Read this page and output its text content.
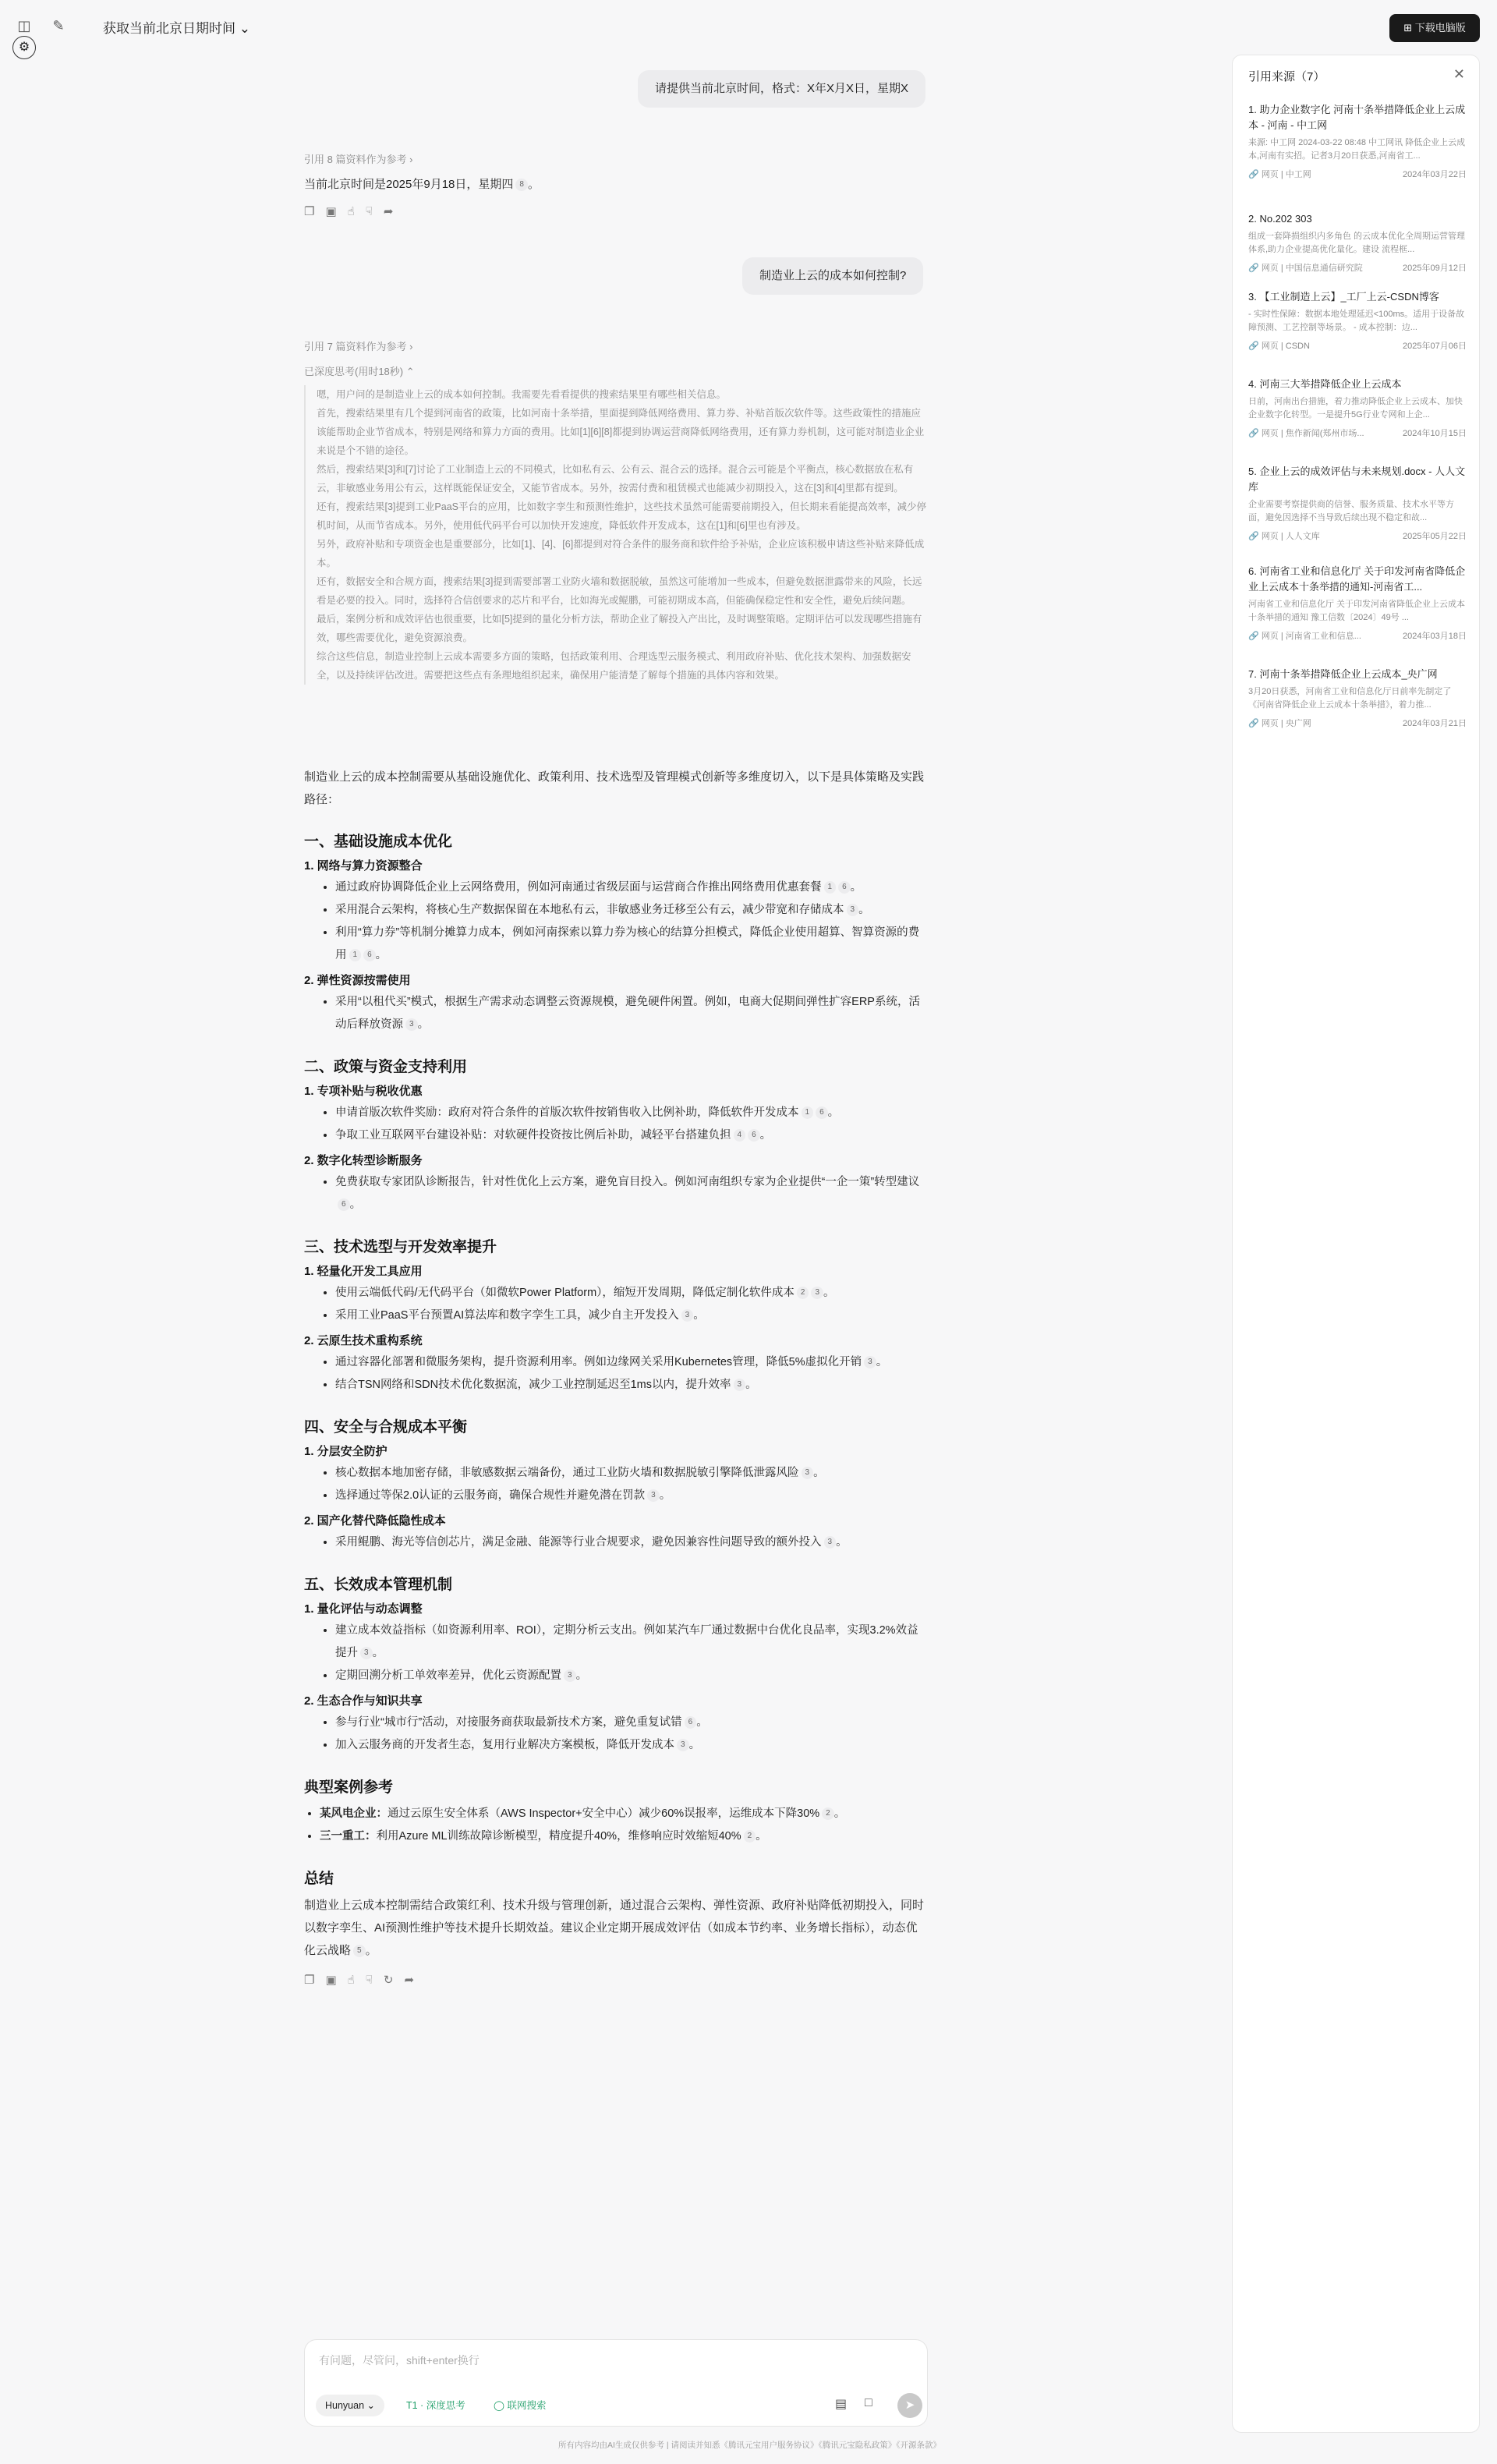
◫ ✎	获取当前北京日期时间 ⌄
⚙
⊞ 下载电脑版
请提供当前北京时间，格式：X年X月X日，星期X
引用 8 篇资料作为参考 ›

当前北京时间是2025年9月18日，星期四 8 。

❐▣☝☟➦
制造业上云的成本如何控制?
引用 7 篇资料作为参考 ›
已深度思考(用时18秒) ⌃

嗯，用户问的是制造业上云的成本如何控制。我需要先看看提供的搜索结果里有哪些相关信息。

首先，搜索结果里有几个提到河南省的政策，比如河南十条举措，里面提到降低网络费用、算力券、补贴首版次软件等。这些政策性的措施应该能帮助企业节省成本，特别是网络和算力方面的费用。比如[1][6][8]都提到协调运营商降低网络费用，还有算力券机制，这可能对制造业企业来说是个不错的途径。

然后，搜索结果[3]和[7]讨论了工业制造上云的不同模式，比如私有云、公有云、混合云的选择。混合云可能是个平衡点，核心数据放在私有云，非敏感业务用公有云，这样既能保证安全，又能节省成本。另外，按需付费和租赁模式也能减少初期投入，这在[3]和[4]里都有提到。

还有，搜索结果[3]提到工业PaaS平台的应用，比如数字孪生和预测性维护，这些技术虽然可能需要前期投入，但长期来看能提高效率，减少停机时间，从而节省成本。另外，使用低代码平台可以加快开发速度，降低软件开发成本，这在[1]和[6]里也有涉及。

另外，政府补贴和专项资金也是重要部分，比如[1]、[4]、[6]都提到对符合条件的服务商和软件给予补贴，企业应该积极申请这些补贴来降低成本。

还有，数据安全和合规方面，搜索结果[3]提到需要部署工业防火墙和数据脱敏，虽然这可能增加一些成本，但避免数据泄露带来的风险，长远看是必要的投入。同时，选择符合信创要求的芯片和平台，比如海光或鲲鹏，可能初期成本高，但能确保稳定性和安全性，避免后续问题。

最后，案例分析和成效评估也很重要，比如[5]提到的量化分析方法，帮助企业了解投入产出比，及时调整策略。定期评估可以发现哪些措施有效，哪些需要优化，避免资源浪费。

综合这些信息，制造业控制上云成本需要多方面的策略，包括政策利用、合理选型云服务模式、利用政府补贴、优化技术架构、加强数据安全，以及持续评估改进。需要把这些点有条理地组织起来，确保用户能清楚了解每个措施的具体内容和效果。

制造业上云的成本控制需要从基础设施优化、政策利用、技术选型及管理模式创新等多维度切入，以下是具体策略及实践路径：

一、基础设施成本优化
1. 网络与算力资源整合
• 通过政府协调降低企业上云网络费用，例如河南通过省级层面与运营商合作推出网络费用优惠套餐 1 6 。
• 采用混合云架构，将核心生产数据保留在本地私有云，非敏感业务迁移至公有云，减少带宽和存储成本 3 。
• 利用“算力券”等机制分摊算力成本，例如河南探索以算力券为核心的结算分担模式，降低企业使用超算、智算资源的费用 1 6 。
2. 弹性资源按需使用
• 采用“以租代买”模式，根据生产需求动态调整云资源规模，避免硬件闲置。例如，电商大促期间弹性扩容ERP系统，活动后释放资源 3 。
二、政策与资金支持利用
1. 专项补贴与税收优惠
• 申请首版次软件奖励：政府对符合条件的首版次软件按销售收入比例补助，降低软件开发成本 1 6 。
• 争取工业互联网平台建设补贴：对软硬件投资按比例后补助，减轻平台搭建负担 4 6 。
2. 数字化转型诊断服务
• 免费获取专家团队诊断报告，针对性优化上云方案，避免盲目投入。例如河南组织专家为企业提供“一企一策”转型建议6 。
三、技术选型与开发效率提升
1. 轻量化开发工具应用
• 使用云端低代码/无代码平台（如微软Power Platform），缩短开发周期，降低定制化软件成本 2 3 。
• 采用工业PaaS平台预置AI算法库和数字孪生工具，减少自主开发投入 3 。
2. 云原生技术重构系统
• 通过容器化部署和微服务架构，提升资源利用率。例如边缘网关采用Kubernetes管理，降低5%虚拟化开销 3 。
• 结合TSN网络和SDN技术优化数据流，减少工业控制延迟至1ms以内，提升效率 3 。
四、安全与合规成本平衡
1. 分层安全防护
• 核心数据本地加密存储，非敏感数据云端备份，通过工业防火墙和数据脱敏引擎降低泄露风险 3 。
• 选择通过等保2.0认证的云服务商，确保合规性并避免潜在罚款 3 。
2. 国产化替代降低隐性成本
• 采用鲲鹏、海光等信创芯片，满足金融、能源等行业合规要求，避免因兼容性问题导致的额外投入 3 。
五、长效成本管理机制
1. 量化评估与动态调整
• 建立成本效益指标（如资源利用率、ROI），定期分析云支出。例如某汽车厂通过数据中台优化良品率，实现3.2%效益提升 3 。
• 定期回溯分析工单效率差异，优化云资源配置 3 。
2. 生态合作与知识共享
• 参与行业“城市行”活动，对接服务商获取最新技术方案，避免重复试错 6 。
• 加入云服务商的开发者生态，复用行业解决方案模板，降低开发成本 3 。
典型案例参考
• 某风电企业：通过云原生安全体系（AWS Inspector+安全中心）减少60%误报率，运维成本下降30% 2 。
• 三一重工：利用Azure ML训练故障诊断模型，精度提升40%，维修响应时效缩短40% 2 。
总结

制造业上云成本控制需结合政策红利、技术升级与管理创新，通过混合云架构、弹性资源、政府补贴降低初期投入，同时以数字孪生、AI预测性维护等技术提升长期效益。建议企业定期开展成效评估（如成本节约率、业务增长指标），动态优化云战略 5 。

❐▣☝☟↻➦
有问题，尽管问，shift+enter换行
Hunyuan ⌄	T1 · 深度思考	◯ 联网搜索	▤ □	➤
所有内容均由AI生成仅供参考 | 请阅读并知悉《腾讯元宝用户服务协议》《腾讯元宝隐私政策》《开源条款》
引用来源（7）	✕
1. 助力企业数字化 河南十条举措降低企业上云成本 - 河南 - 中工网
来源: 中工网 2024-03-22 08:48 中工网讯 降低企业上云成本,河南有实招。记者3月20日获悉,河南省工...
🔗 网页 | 中工网	2024年03月22日
2. No.202 303
组成一套降损组织内多角色 的云成本优化全周期运营管理体系,助力企业提高优化量化。建设 流程框...
🔗 网页 | 中国信息通信研究院	2025年09月12日
3. 【工业制造上云】_工厂上云-CSDN博客
- 实时性保障：数据本地处理延迟<100ms。适用于设备故障预测、工艺控制等场景。 - 成本控制：边...
🔗 网页 | CSDN	2025年07月06日
4. 河南三大举措降低企业上云成本
日前，河南出台措施，着力推动降低企业上云成本、加快企业数字化转型。一是提升5G行业专网和上企...
🔗 网页 | 焦作新闻(郑州市场...	2024年10月15日
5. 企业上云的成效评估与未来规划.docx - 人人文库
企业需要考察提供商的信誉、服务质量、技术水平等方面，避免因选择不当导致后续出现不稳定和故...
🔗 网页 | 人人文库	2025年05月22日
6. 河南省工业和信息化厅 关于印发河南省降低企业上云成本十条举措的通知-河南省工...
河南省工业和信息化厅 关于印发河南省降低企业上云成本十条举措的通知 豫工信数〔2024〕49号 ...
🔗 网页 | 河南省工业和信息...	2024年03月18日
7. 河南十条举措降低企业上云成本_央广网
3月20日获悉，河南省工业和信息化厅日前率先制定了《河南省降低企业上云成本十条举措》，着力推...
🔗 网页 | 央广网	2024年03月21日
